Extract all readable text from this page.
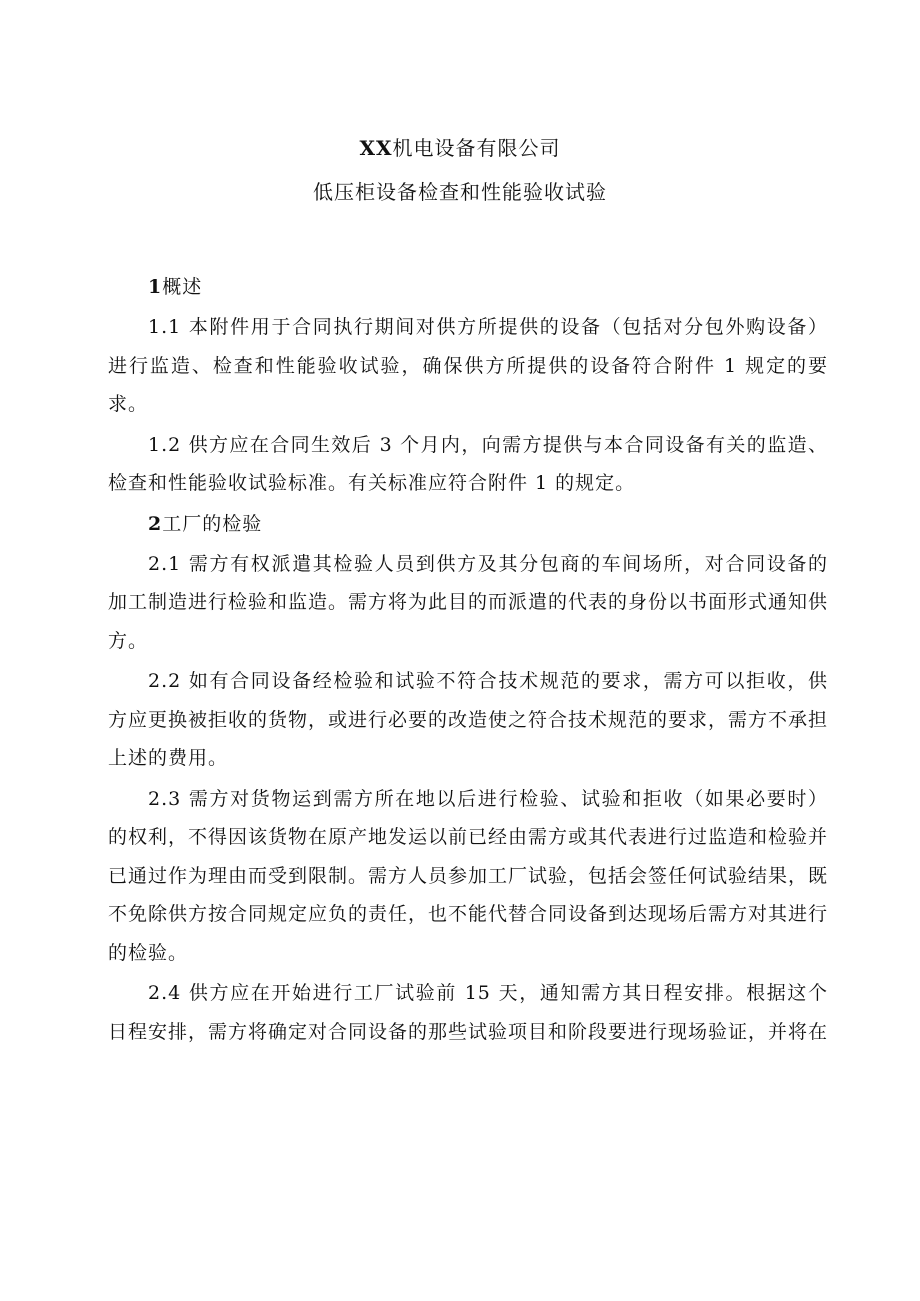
XX机电设备有限公司
低压柜设备检查和性能验收试验
1概述

1.1 本附件用于合同执行期间对供方所提供的设备（包括对分包外购设备）进行监造、检查和性能验收试验，确保供方所提供的设备符合附件 1 规定的要求。

1.2 供方应在合同生效后 3 个月内，向需方提供与本合同设备有关的监造、检查和性能验收试验标准。有关标准应符合附件 1 的规定。

2工厂的检验

2.1 需方有权派遣其检验人员到供方及其分包商的车间场所，对合同设备的加工制造进行检验和监造。需方将为此目的而派遣的代表的身份以书面形式通知供方。

2.2 如有合同设备经检验和试验不符合技术规范的要求，需方可以拒收，供方应更换被拒收的货物，或进行必要的改造使之符合技术规范的要求，需方不承担上述的费用。

2.3 需方对货物运到需方所在地以后进行检验、试验和拒收（如果必要时）的权利，不得因该货物在原产地发运以前已经由需方或其代表进行过监造和检验并已通过作为理由而受到限制。需方人员参加工厂试验，包括会签任何试验结果，既不免除供方按合同规定应负的责任，也不能代替合同设备到达现场后需方对其进行的检验。

2.4 供方应在开始进行工厂试验前 15 天，通知需方其日程安排。根据这个日程安排，需方将确定对合同设备的那些试验项目和阶段要进行现场验证，并将在
